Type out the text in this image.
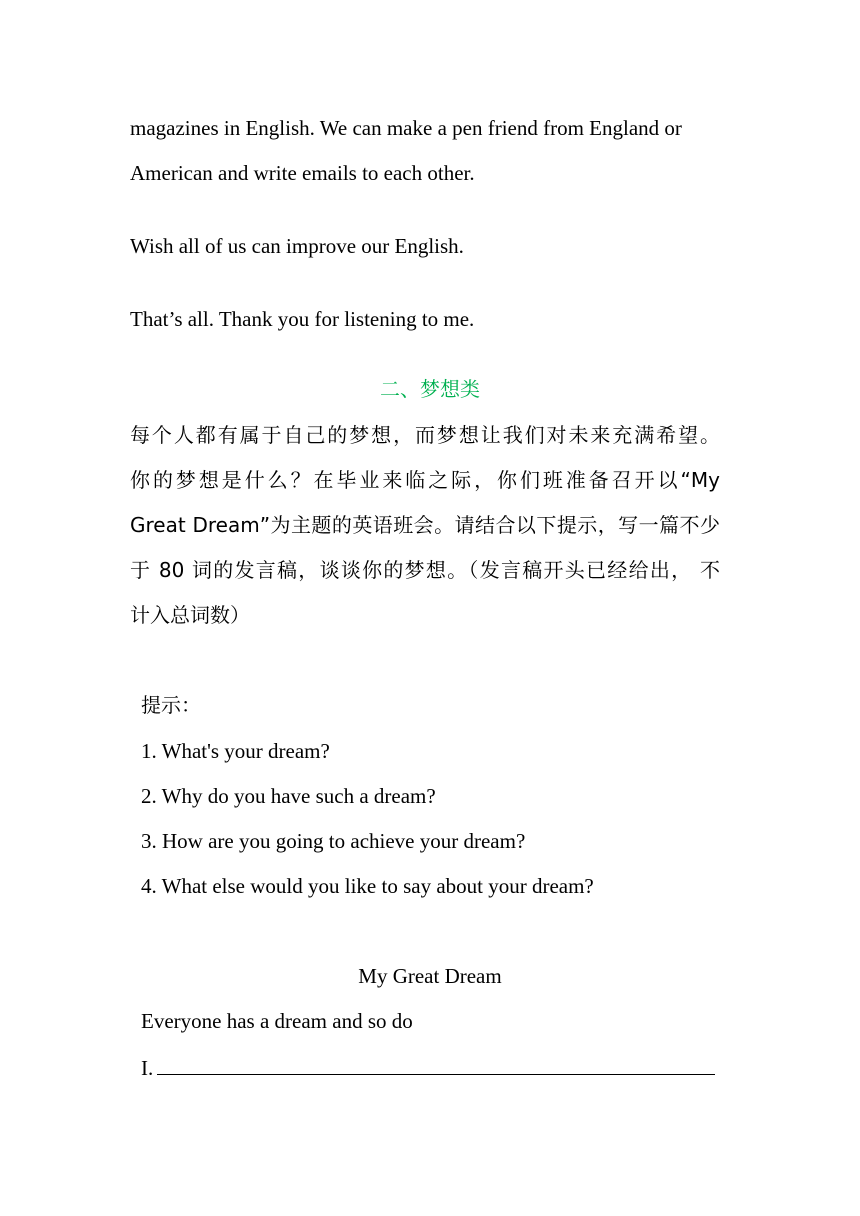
magazines in English. We can make a pen friend from England or
American and write emails to each other.
Wish all of us can improve our English.
That’s all. Thank you for listening to me.
二、梦想类
每个人都有属于自己的梦想，而梦想让我们对未来充满希望。
你的梦想是什么？在毕业来临之际，你们班准备召开以“My
Great Dream”为主题的英语班会。请结合以下提示，写一篇不少
于 80 词的发言稿，谈谈你的梦想。（发言稿开头已经给出， 不
计入总词数）
提示：
1. What's your dream?
2. Why do you have such a dream?
3. How are you going to achieve your dream?
4. What else would you like to say about your dream?
My Great Dream
Everyone has a dream and so do
I.
